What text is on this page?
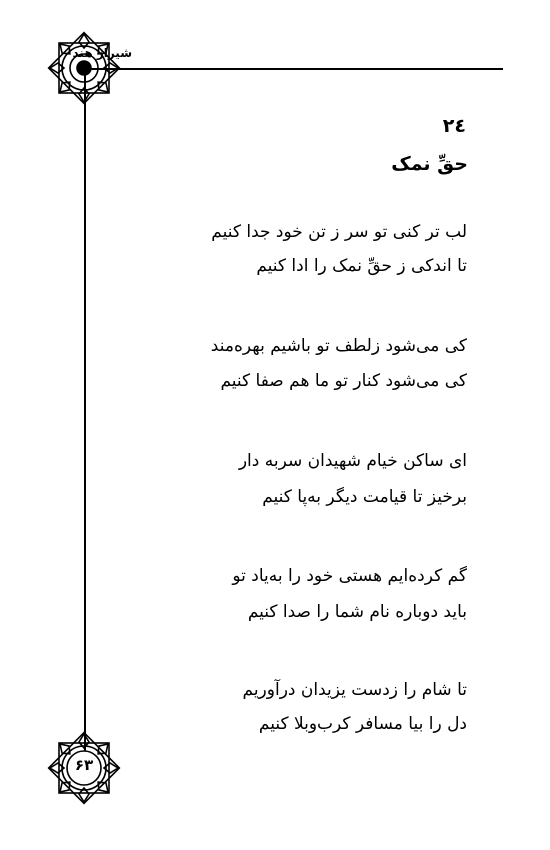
شیراز هند
۶۳
۲٤
حقِّ نمک
لب تر کنی تو سر ز تن خود جدا کنیم
تا اندکی ز حقِّ نمک را ادا کنیم
کی می‌شود زلطف تو باشیم بهره‌مند
کی می‌شود کنار تو ما هم صفا کنیم
ای ساکن خیام شهیدان سربه دار
برخیز تا قیامت دیگر به‌پا کنیم
گم کرده‌ایم هستی خود را به‌یاد تو
باید دوباره نام شما را صدا کنیم
تا شام را زدست یزیدان درآوریم
دل را بیا مسافر کرب‌وبلا کنیم
